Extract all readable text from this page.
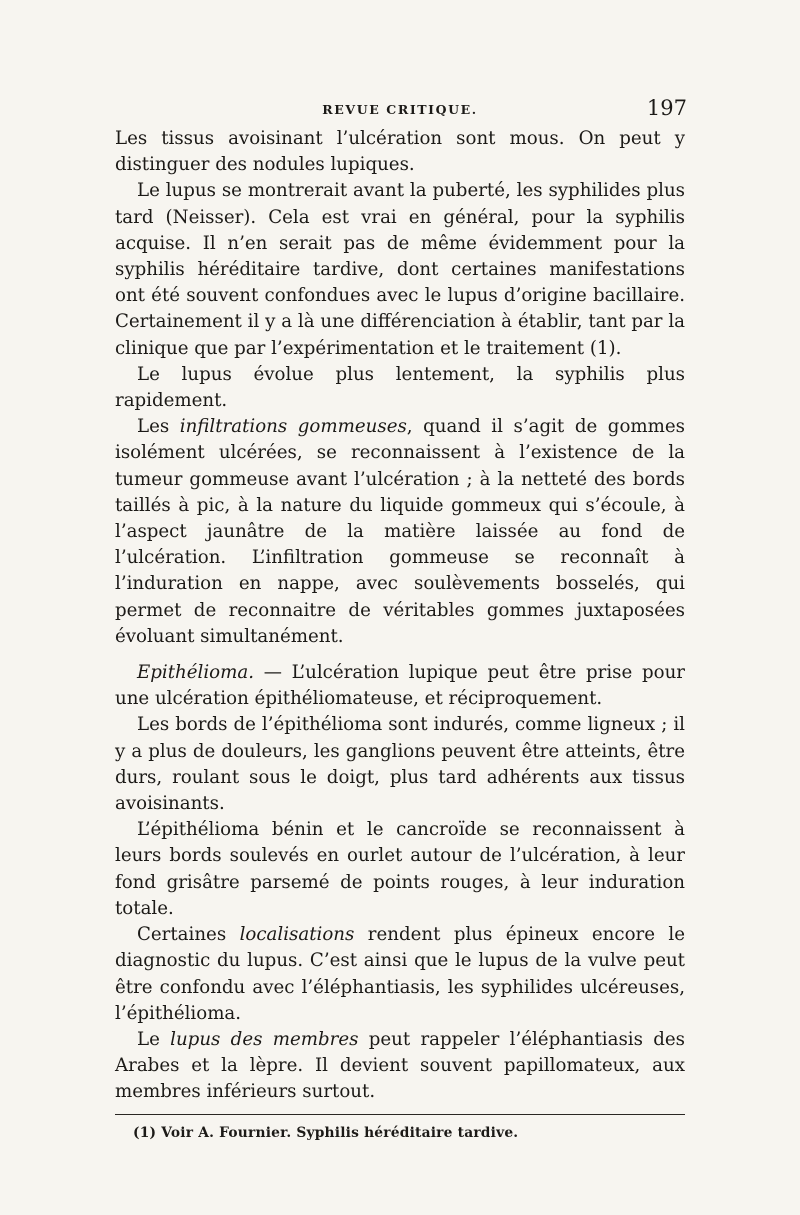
REVUE CRITIQUE.	197

Les tissus avoisinant l’ulcération sont mous. On peut y distinguer des nodules lupiques.

Le lupus se montrerait avant la puberté, les syphilides plus tard (Neisser). Cela est vrai en général, pour la syphilis acquise. Il n’en serait pas de même évidemment pour la syphilis héréditaire tardive, dont certaines manifestations ont été souvent confondues avec le lupus d’origine bacillaire. Certainement il y a là une différenciation à établir, tant par la clinique que par l’expérimentation et le traitement (1).

Le lupus évolue plus lentement, la syphilis plus rapidement.

Les infiltrations gommeuses, quand il s’agit de gommes isolément ulcérées, se reconnaissent à l’existence de la tumeur gommeuse avant l’ulcération ; à la netteté des bords taillés à pic, à la nature du liquide gommeux qui s’écoule, à l’aspect jaunâtre de la matière laissée au fond de l’ulcération. L’infiltration gommeuse se reconnaît à l’induration en nappe, avec soulèvements bosselés, qui permet de reconnaitre de véritables gommes juxtaposées évoluant simultanément.

Epithélioma. — L’ulcération lupique peut être prise pour une ulcération épithéliomateuse, et réciproquement.

Les bords de l’épithélioma sont indurés, comme ligneux ; il y a plus de douleurs, les ganglions peuvent être atteints, être durs, roulant sous le doigt, plus tard adhérents aux tissus avoisinants.

L’épithélioma bénin et le cancroïde se reconnaissent à leurs bords soulevés en ourlet autour de l’ulcération, à leur fond grisâtre parsemé de points rouges, à leur induration totale.

Certaines localisations rendent plus épineux encore le diagnostic du lupus. C’est ainsi que le lupus de la vulve peut être confondu avec l’éléphantiasis, les syphilides ulcéreuses, l’épithélioma.

Le lupus des membres peut rappeler l’éléphantiasis des Arabes et la lèpre. Il devient souvent papillomateux, aux membres inférieurs surtout.

(1) Voir A. Fournier. Syphilis héréditaire tardive.
